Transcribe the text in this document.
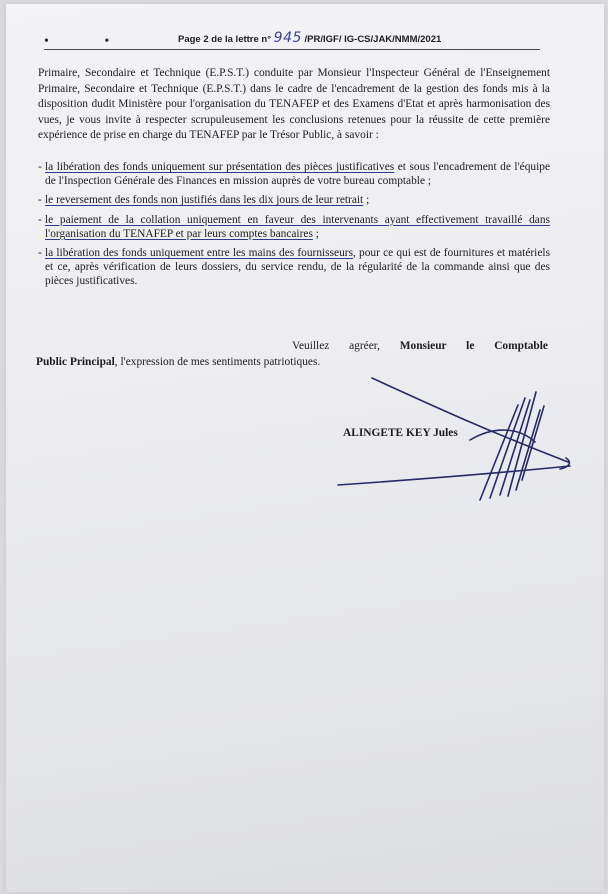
• •	Page 2 de la lettre n° 945 /PR/IGF/ IG-CS/JAK/NMM/2021

Primaire, Secondaire et Technique (E.P.S.T.) conduite par Monsieur l'Inspecteur Général de l'Enseignement Primaire, Secondaire et Technique (E.P.S.T.) dans le cadre de l'encadrement de la gestion des fonds mis à la disposition dudit Ministère pour l'organisation du TENAFEP et des Examens d'Etat et après harmonisation des vues, je vous invite à respecter scrupuleusement les conclusions retenues pour la réussite de cette première expérience de prise en charge du TENAFEP par le Trésor Public, à savoir :

- la libération des fonds uniquement sur présentation des pièces justificatives et sous l'encadrement de l'équipe de l'Inspection Générale des Finances en mission auprès de votre bureau comptable ;

- le reversement des fonds non justifiés dans les dix jours de leur retrait ;

- le paiement de la collation uniquement en faveur des intervenants ayant effectivement travaillé dans l'organisation du TENAFEP et par leurs comptes bancaires ;

- la libération des fonds uniquement entre les mains des fournisseurs, pour ce qui est de fournitures et matériels et ce, après vérification de leurs dossiers, du service rendu, de la régularité de la commande ainsi que des pièces justificatives.

Veuillez agréer, Monsieur le Comptable
Public Principal, l'expression de mes sentiments patriotiques.
ALINGETE KEY Jules
